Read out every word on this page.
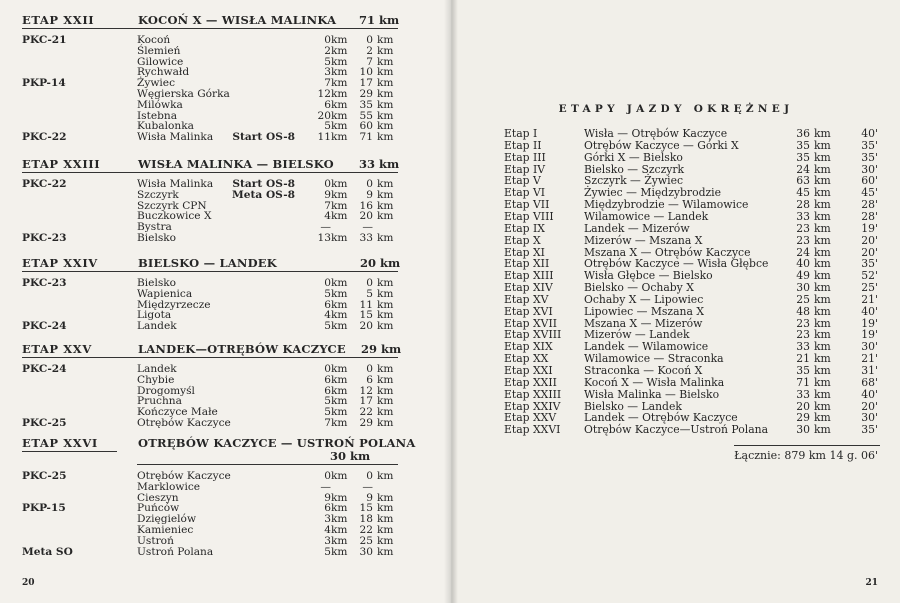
ETAP XXII	KOCOŃ X — WISŁA MALINKA 71 km
PKC-21	Kocoń	0 km 0 km
Ślemień	2 km 2 km
Gilowice	5 km 7 km
Rychwałd	3 km 10 km
PKP-14	Żywiec	7 km 17 km
Węgierska Górka	12 km 29 km
Milówka	6 km 35 km
Istebna	20 km 55 km
Kubalonka	5 km 60 km
PKC-22	Wisła Malinka Start OS-8 11 km 71 km
ETAP XXIII	WISŁA MALINKA — BIELSKO 33 km
PKC-22	Wisła Malinka Start OS-8	0 km 0 km
Szczyrk	Meta OS-8	9 km 9 km
Szczyrk CPN	7 km 16 km
Buczkowice X	4 km 20 km
Bystra	—	—
PKC-23	Bielsko	13 km 33 km
ETAP XXIV	BIELSKO — LANDEK	20 km
PKC-23	Bielsko	0 km 0 km
Wapienica	5 km 5 km
Międzyrzecze	6 km 11 km
Ligota	4 km 15 km
PKC-24	Landek	5 km 20 km
ETAP XXV	LANDEK—OTRĘBÓW KACZYCE 29 km
PKC-24	Landek	0 km 0 km
Chybie	6 km 6 km
Drogomyśl	6 km 12 km
Pruchna	5 km 17 km
Kończyce Małe	5 km 22 km
PKC-25	Otrębów Kaczyce	7 km 29 km
ETAP XXVI	OTRĘBÓW KACZYCE — USTROŃ POLANA
30 km
PKC-25	Otrębów Kaczyce	0 km 0 km
Marklowice	—	—
Cieszyn	9 km 9 km
PKP-15	Puńców	6 km 15 km
Dzięgielów	3 km 18 km
Kamieniec	4 km 22 km
Ustroń	3 km 25 km
Meta SO	Ustroń Polana	5 km 30 km
20
ETAPY JAZDY OKRĘŻNEJ
Etap I	Wisła — Otrębów Kaczyce	36 km	40'
Etap II	Otrębów Kaczyce — Górki X	35 km	35'
Etap III	Górki X — Bielsko	35 km	35'
Etap IV	Bielsko — Szczyrk	24 km	30'
Etap V	Szczyrk — Żywiec	63 km	60'
Etap VI	Żywiec — Międzybrodzie	45 km	45'
Etap VII	Międzybrodzie — Wilamowice	28 km	28'
Etap VIII	Wilamowice — Landek	33 km	28'
Etap IX	Landek — Mizerów	23 km	19'
Etap X	Mizerów — Mszana X	23 km	20'
Etap XI	Mszana X — Otrębów Kaczyce	24 km	20'
Etap XII	Otrębów Kaczyce — Wisła Głębce	40 km	35'
Etap XIII	Wisła Głębce — Bielsko	49 km	52'
Etap XIV	Bielsko — Ochaby X	30 km	25'
Etap XV	Ochaby X — Lipowiec	25 km	21'
Etap XVI	Lipowiec — Mszana X	48 km	40'
Etap XVII Mszana X — Mizerów	23 km	19'
Etap XVIII Mizerów — Landek	23 km	19'
Etap XIX	Landek — Wilamowice	33 km	30'
Etap XX	Wilamowice — Straconka	21 km	21'
Etap XXI	Straconka — Kocoń X	35 km	31'
Etap XXII	Kocoń X — Wisła Malinka	71 km	68'
Etap XXIII Wisła Malinka — Bielsko	33 km	40'
Etap XXIV Bielsko — Landek	20 km	20'
Etap XXV	Landek — Otrębów Kaczyce	29 km	30'
Etap XXVI Otrębów Kaczyce—Ustroń Polana	30 km	35'
Łącznie: 879 km 14 g. 06'
21
